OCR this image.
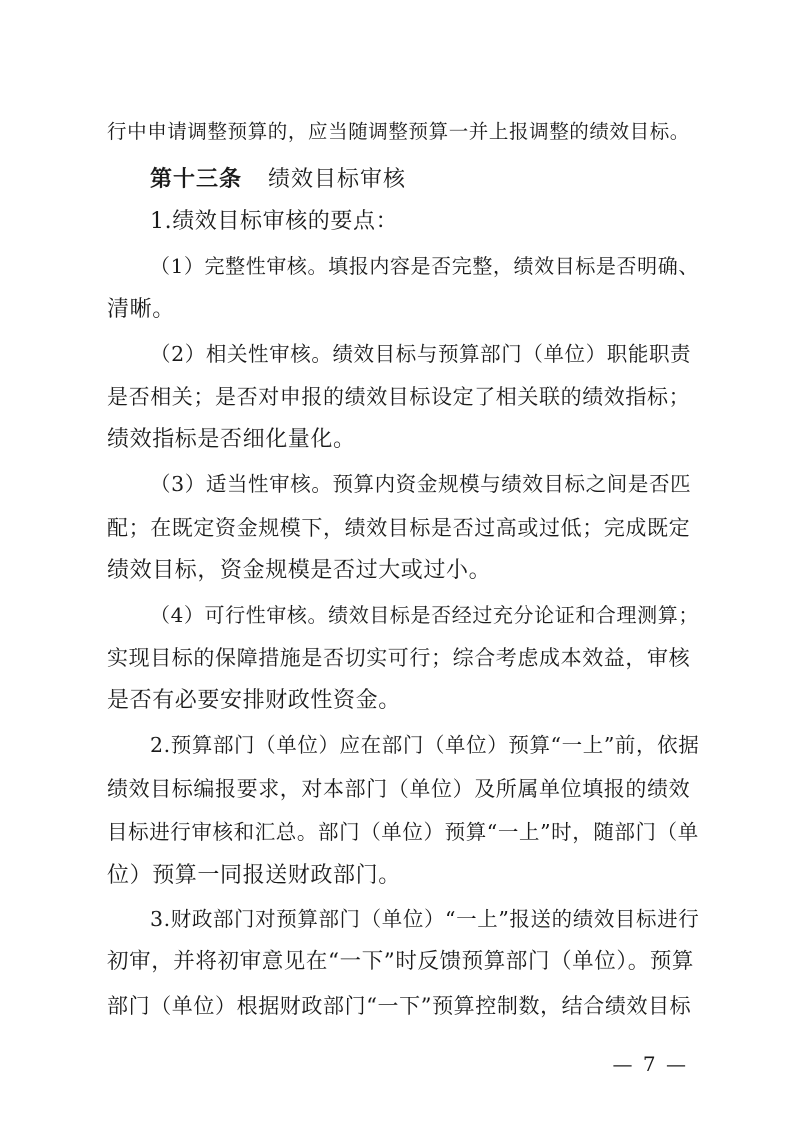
行中申请调整预算的，应当随调整预算一并上报调整的绩效目标。
第十三条 绩效目标审核
1.绩效目标审核的要点：
（1）完整性审核。填报内容是否完整，绩效目标是否明确、
清晰。
（2）相关性审核。绩效目标与预算部门（单位）职能职责
是否相关；是否对申报的绩效目标设定了相关联的绩效指标；
绩效指标是否细化量化。
（3）适当性审核。预算内资金规模与绩效目标之间是否匹
配；在既定资金规模下，绩效目标是否过高或过低；完成既定
绩效目标，资金规模是否过大或过小。
（4）可行性审核。绩效目标是否经过充分论证和合理测算；
实现目标的保障措施是否切实可行；综合考虑成本效益，审核
是否有必要安排财政性资金。
2.预算部门（单位）应在部门（单位）预算“一上”前，依据
绩效目标编报要求，对本部门（单位）及所属单位填报的绩效
目标进行审核和汇总。部门（单位）预算“一上”时，随部门（单
位）预算一同报送财政部门。
3.财政部门对预算部门（单位）“一上”报送的绩效目标进行
初审，并将初审意见在“一下”时反馈预算部门（单位）。预算
部门（单位）根据财政部门“一下”预算控制数，结合绩效目标
— 7 —
